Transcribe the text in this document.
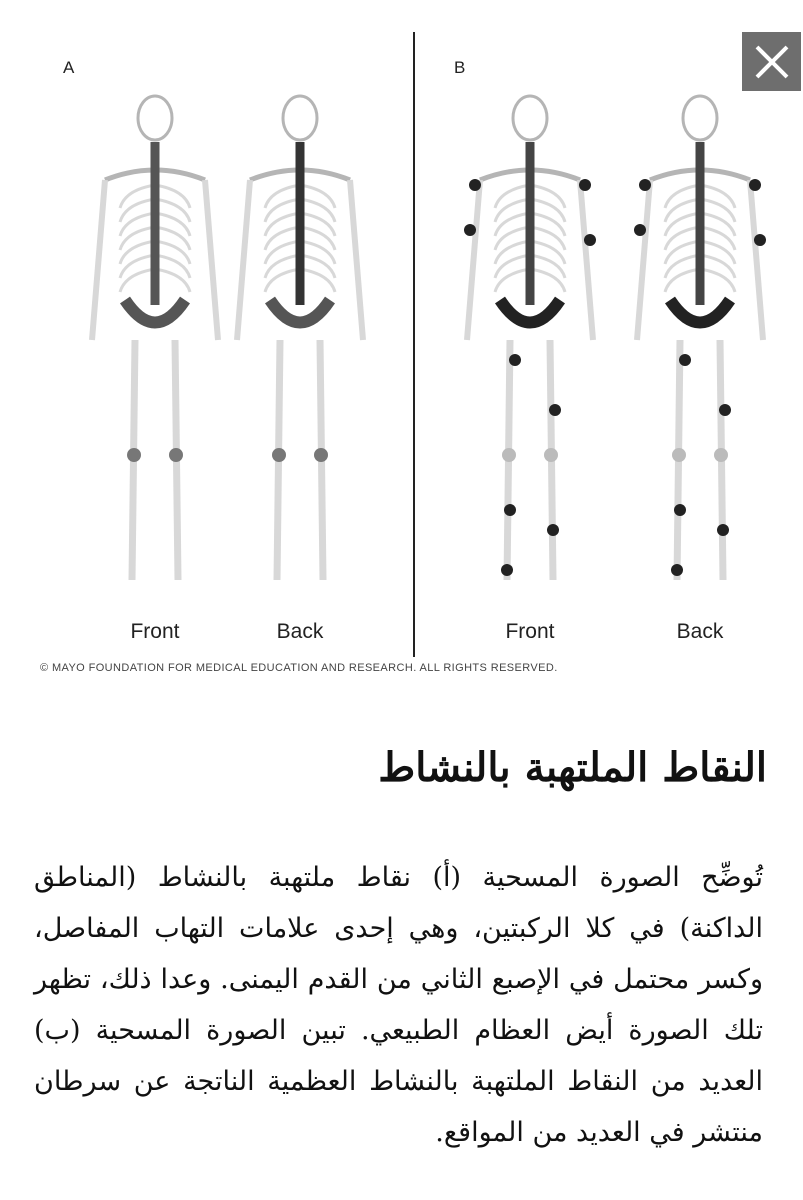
A	B
Front	Back	Front	Back
© MAYO FOUNDATION FOR MEDICAL EDUCATION AND RESEARCH. ALL RIGHTS RESERVED.
النقاط الملتهبة بالنشاط

تُوضِّح الصورة المسحية (أ) نقاط ملتهبة بالنشاط (المناطق الداكنة) في كلا الركبتين، وهي إحدى علامات التهاب المفاصل، وكسر محتمل في الإصبع الثاني من القدم اليمنى. وعدا ذلك، تظهر تلك الصورة أيض العظام الطبيعي. تبين الصورة المسحية (ب) العديد من النقاط الملتهبة بالنشاط العظمية الناتجة عن سرطان منتشر في العديد من المواقع.
